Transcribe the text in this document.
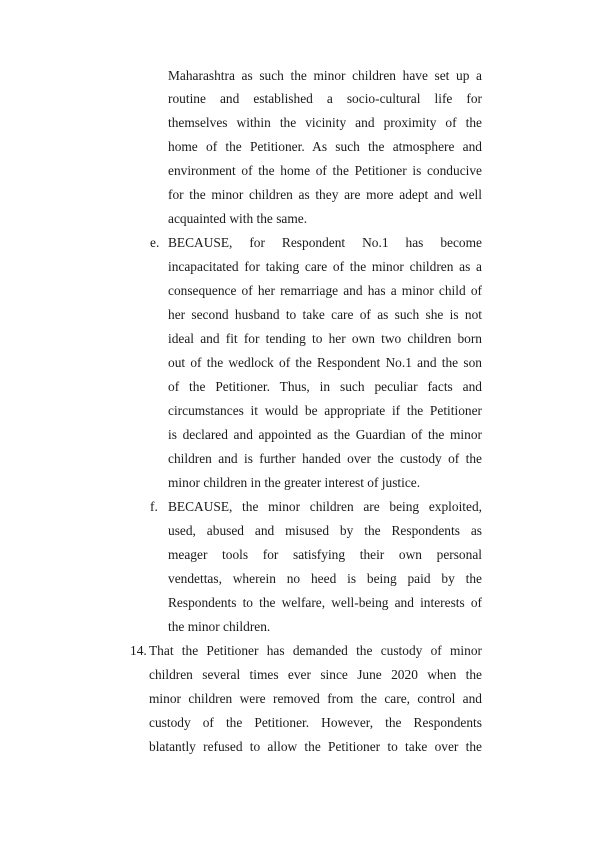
Maharashtra as such the minor children have set up a
routine and established a socio-cultural life for
themselves within the vicinity and proximity of the
home of the Petitioner. As such the atmosphere and
environment of the home of the Petitioner is conducive
for the minor children as they are more adept and well
acquainted with the same.
e. BECAUSE, for Respondent No.1 has become
incapacitated for taking care of the minor children as a
consequence of her remarriage and has a minor child of
her second husband to take care of as such she is not
ideal and fit for tending to her own two children born
out of the wedlock of the Respondent No.1 and the son
of the Petitioner. Thus, in such peculiar facts and
circumstances it would be appropriate if the Petitioner
is declared and appointed as the Guardian of the minor
children and is further handed over the custody of the
minor children in the greater interest of justice.
f. BECAUSE, the minor children are being exploited,
used, abused and misused by the Respondents as
meager tools for satisfying their own personal
vendettas, wherein no heed is being paid by the
Respondents to the welfare, well-being and interests of
the minor children.
14. That the Petitioner has demanded the custody of minor
children several times ever since June 2020 when the
minor children were removed from the care, control and
custody of the Petitioner. However, the Respondents
blatantly refused to allow the Petitioner to take over the
